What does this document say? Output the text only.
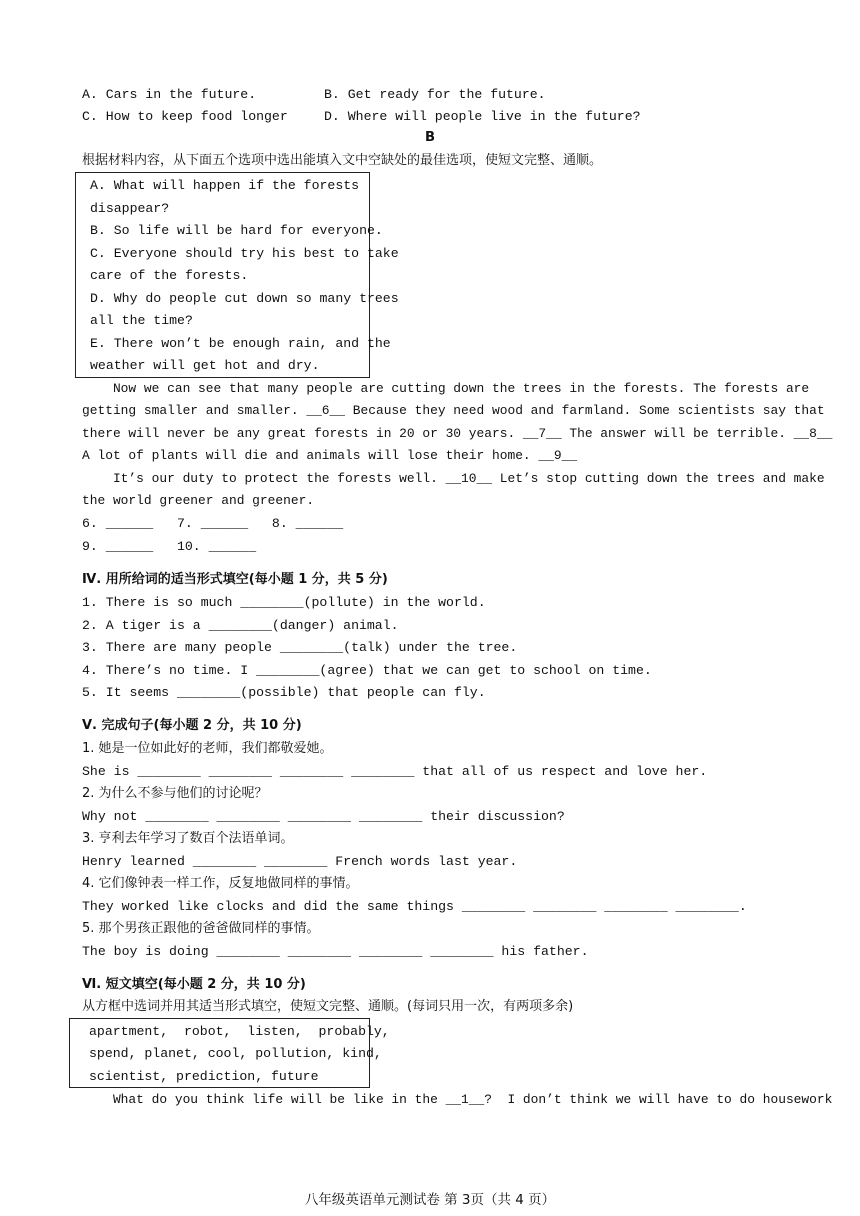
A. Cars in the future.	B. Get ready for the future.
C. How to keep food longer	D. Where will people live in the future?
B
根据材料内容，从下面五个选项中选出能填入文中空缺处的最佳选项，使短文完整、通顺。
A. What will happen if the forests
disappear?
B. So life will be hard for everyone.
C. Everyone should try his best to take
care of the forests.
D. Why do people cut down so many trees
all the time?
E. There won’t be enough rain, and the
weather will get hot and dry.
Now we can see that many people are cutting down the trees in the forests. The forests are
getting smaller and smaller. __6__ Because they need wood and farmland. Some scientists say that
there will never be any great forests in 20 or 30 years. __7__ The answer will be terrible. __8__
A lot of plants will die and animals will lose their home. __9__
It’s our duty to protect the forests well. __10__ Let’s stop cutting down the trees and make
the world greener and greener.
6. ______   7. ______   8. ______
9. ______   10. ______
Ⅳ. 用所给词的适当形式填空(每小题 1 分，共 5 分)
1. There is so much ________(pollute) in the world.
2. A tiger is a ________(danger) animal.
3. There are many people ________(talk) under the tree.
4. There’s no time. I ________(agree) that we can get to school on time.
5. It seems ________(possible) that people can fly.
Ⅴ. 完成句子(每小题 2 分，共 10 分)
1. 她是一位如此好的老师，我们都敬爱她。
She is ________ ________ ________ ________ that all of us respect and love her.
2. 为什么不参与他们的讨论呢？
Why not ________ ________ ________ ________ their discussion?
3. 亨利去年学习了数百个法语单词。
Henry learned ________ ________ French words last year.
4. 它们像钟表一样工作，反复地做同样的事情。
They worked like clocks and did the same things ________ ________ ________ ________.
5. 那个男孩正跟他的爸爸做同样的事情。
The boy is doing ________ ________ ________ ________ his father.
Ⅵ. 短文填空(每小题 2 分，共 10 分)
从方框中选词并用其适当形式填空，使短文完整、通顺。(每词只用一次，有两项多余)
apartment,  robot,  listen,  probably,
spend, planet, cool, pollution, kind,
scientist, prediction, future
What do you think life will be like in the __1__?  I don’t think we will have to do housework
八年级英语单元测试卷 第 3页（共 4 页）
